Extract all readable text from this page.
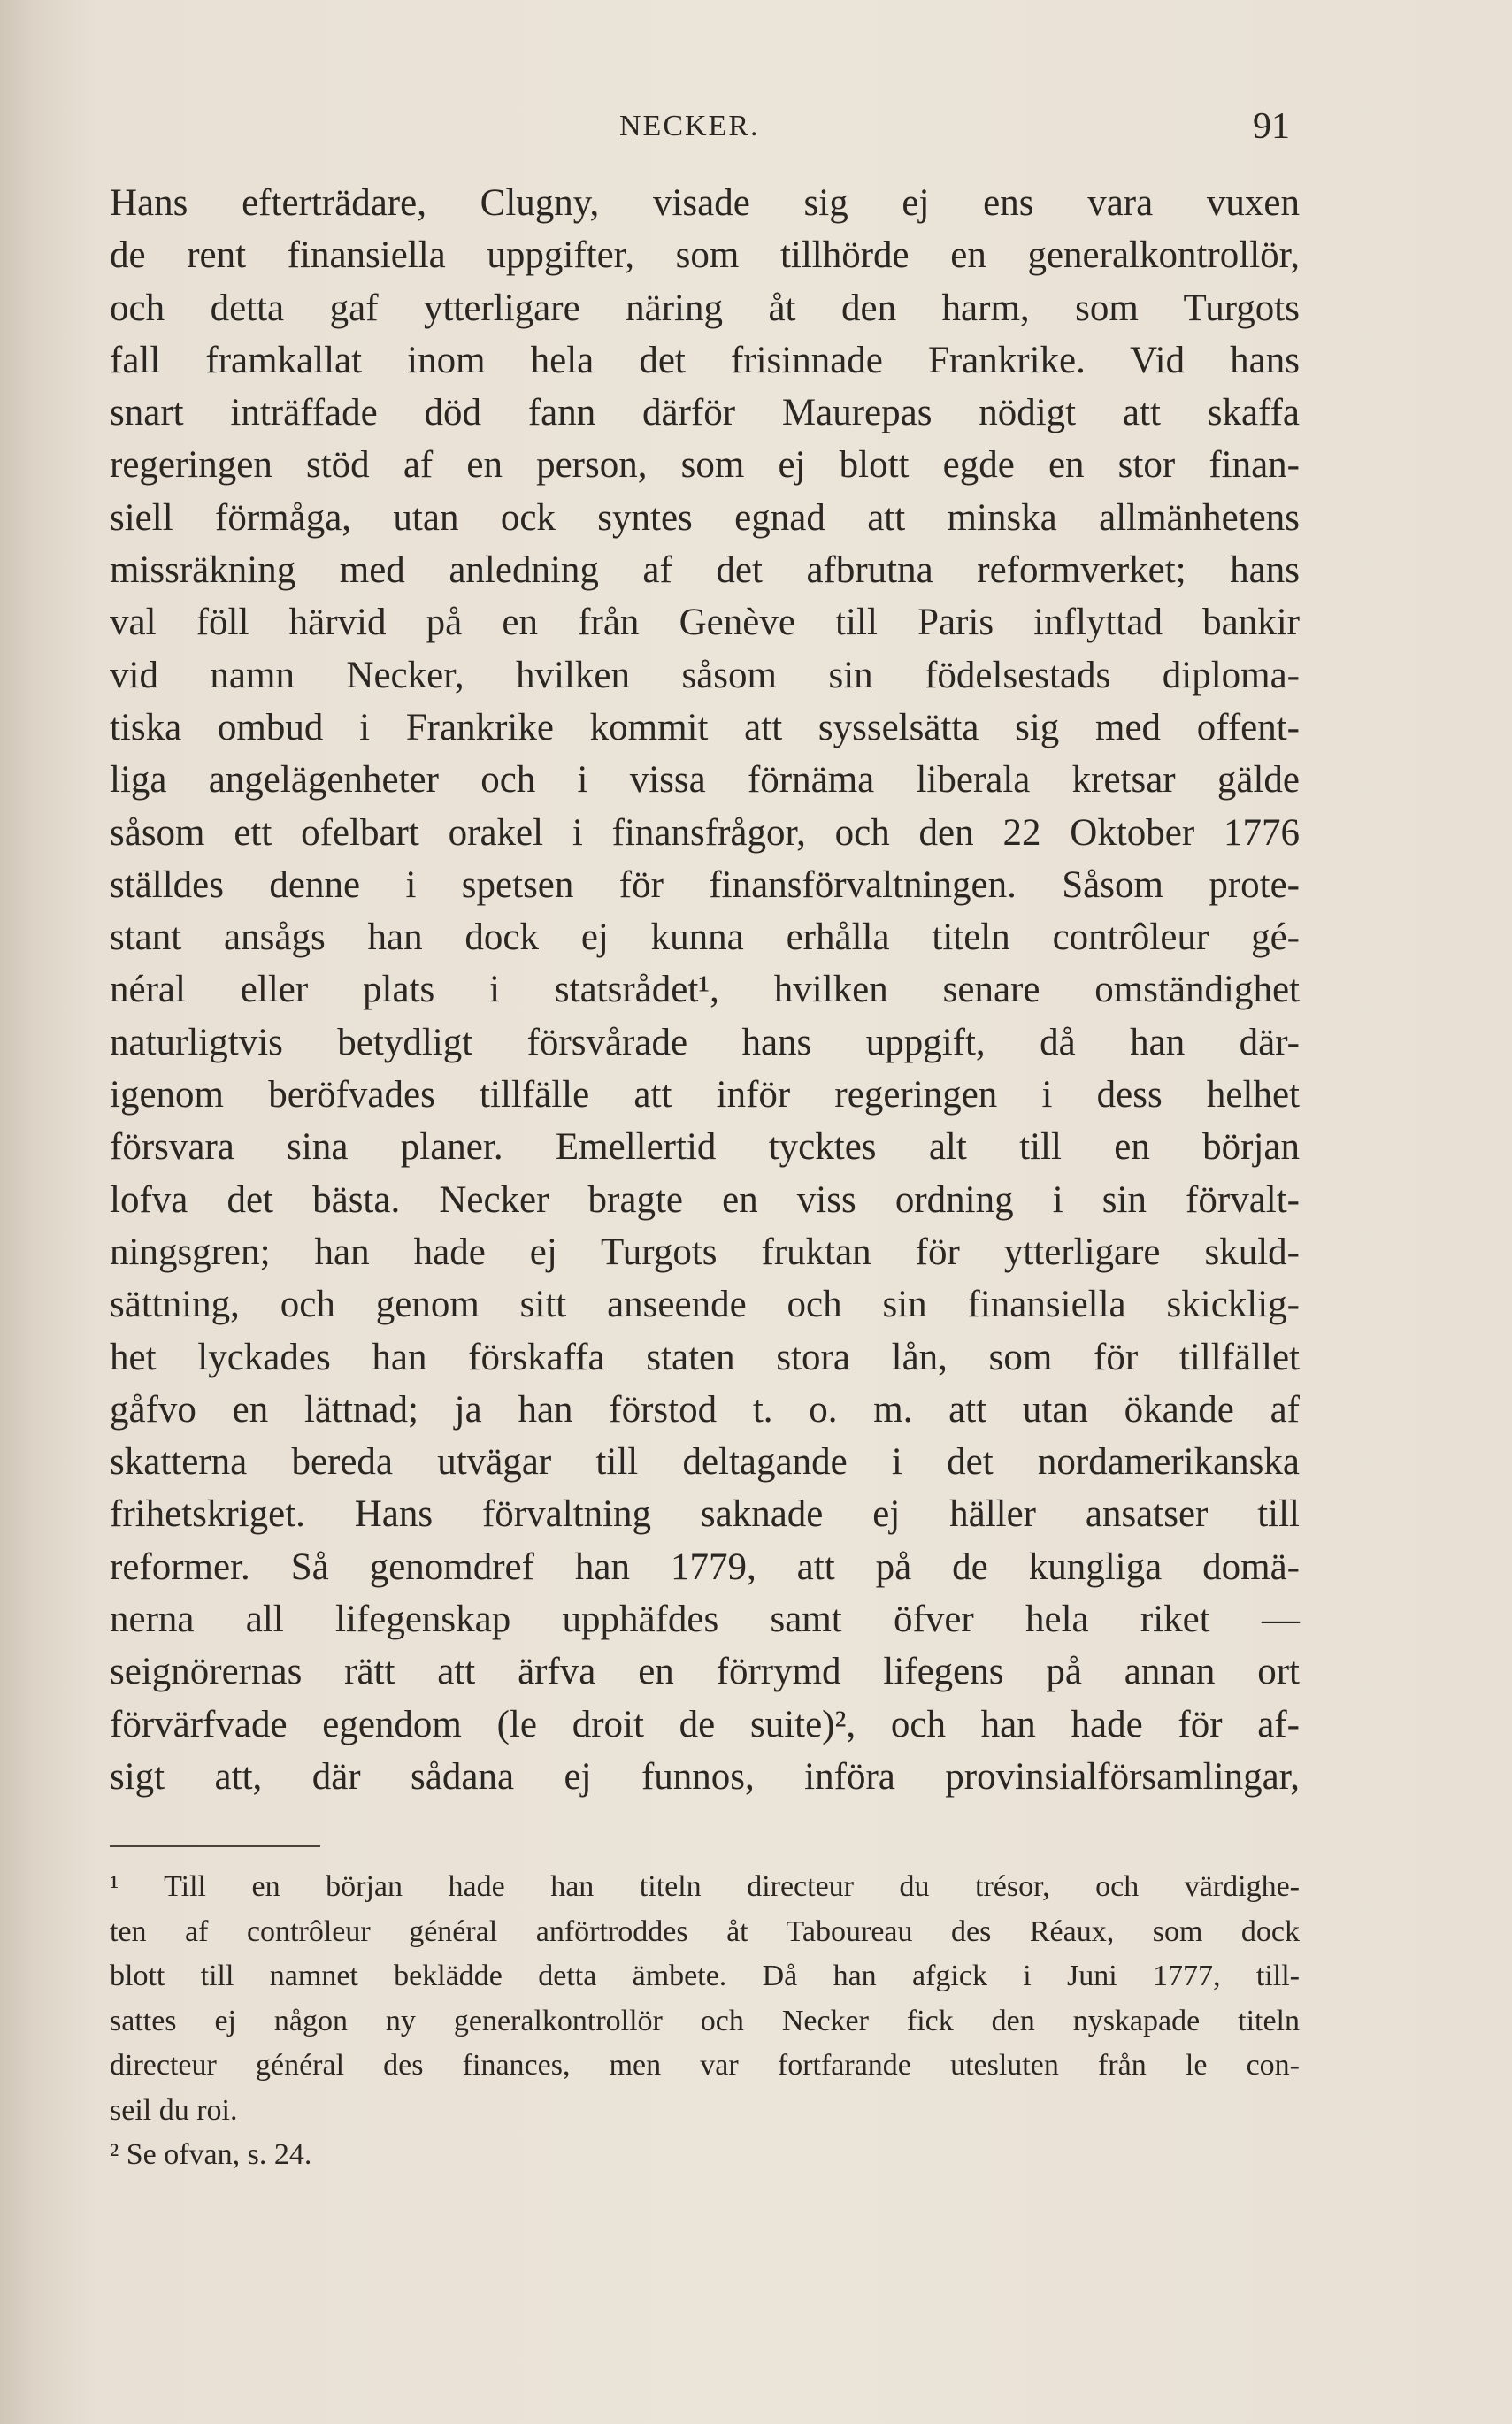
NECKER.	91
Hans efterträdare, Clugny, visade sig ej ens vara vuxen
de rent finansiella uppgifter, som tillhörde en generalkontrollör,
och detta gaf ytterligare näring åt den harm, som Turgots
fall framkallat inom hela det frisinnade Frankrike. Vid hans
snart inträffade död fann därför Maurepas nödigt att skaffa
regeringen stöd af en person, som ej blott egde en stor finan-
siell förmåga, utan ock syntes egnad att minska allmänhetens
missräkning med anledning af det afbrutna reformverket; hans
val föll härvid på en från Genève till Paris inflyttad bankir
vid namn Necker, hvilken såsom sin födelsestads diploma-
tiska ombud i Frankrike kommit att sysselsätta sig med offent-
liga angelägenheter och i vissa förnäma liberala kretsar gälde
såsom ett ofelbart orakel i finansfrågor, och den 22 Oktober 1776
ställdes denne i spetsen för finansförvaltningen. Såsom prote-
stant ansågs han dock ej kunna erhålla titeln contrôleur gé-
néral eller plats i statsrådet¹, hvilken senare omständighet
naturligtvis betydligt försvårade hans uppgift, då han där-
igenom beröfvades tillfälle att inför regeringen i dess helhet
försvara sina planer. Emellertid tycktes alt till en början
lofva det bästa. Necker bragte en viss ordning i sin förvalt-
ningsgren; han hade ej Turgots fruktan för ytterligare skuld-
sättning, och genom sitt anseende och sin finansiella skicklig-
het lyckades han förskaffa staten stora lån, som för tillfället
gåfvo en lättnad; ja han förstod t. o. m. att utan ökande af
skatterna bereda utvägar till deltagande i det nordamerikanska
frihetskriget. Hans förvaltning saknade ej häller ansatser till
reformer. Så genomdref han 1779, att på de kungliga domä-
nerna all lifegenskap upphäfdes samt öfver hela riket —
seignörernas rätt att ärfva en förrymd lifegens på annan ort
förvärfvade egendom (le droit de suite)², och han hade för af-
sigt att, där sådana ej funnos, införa provinsialförsamlingar,
¹ Till en början hade han titeln directeur du trésor, och värdighe-
ten af contrôleur général anförtroddes åt Taboureau des Réaux, som dock
blott till namnet beklädde detta ämbete. Då han afgick i Juni 1777, till-
sattes ej någon ny generalkontrollör och Necker fick den nyskapade titeln
directeur général des finances, men var fortfarande utesluten från le con-
seil du roi.
² Se ofvan, s. 24.
